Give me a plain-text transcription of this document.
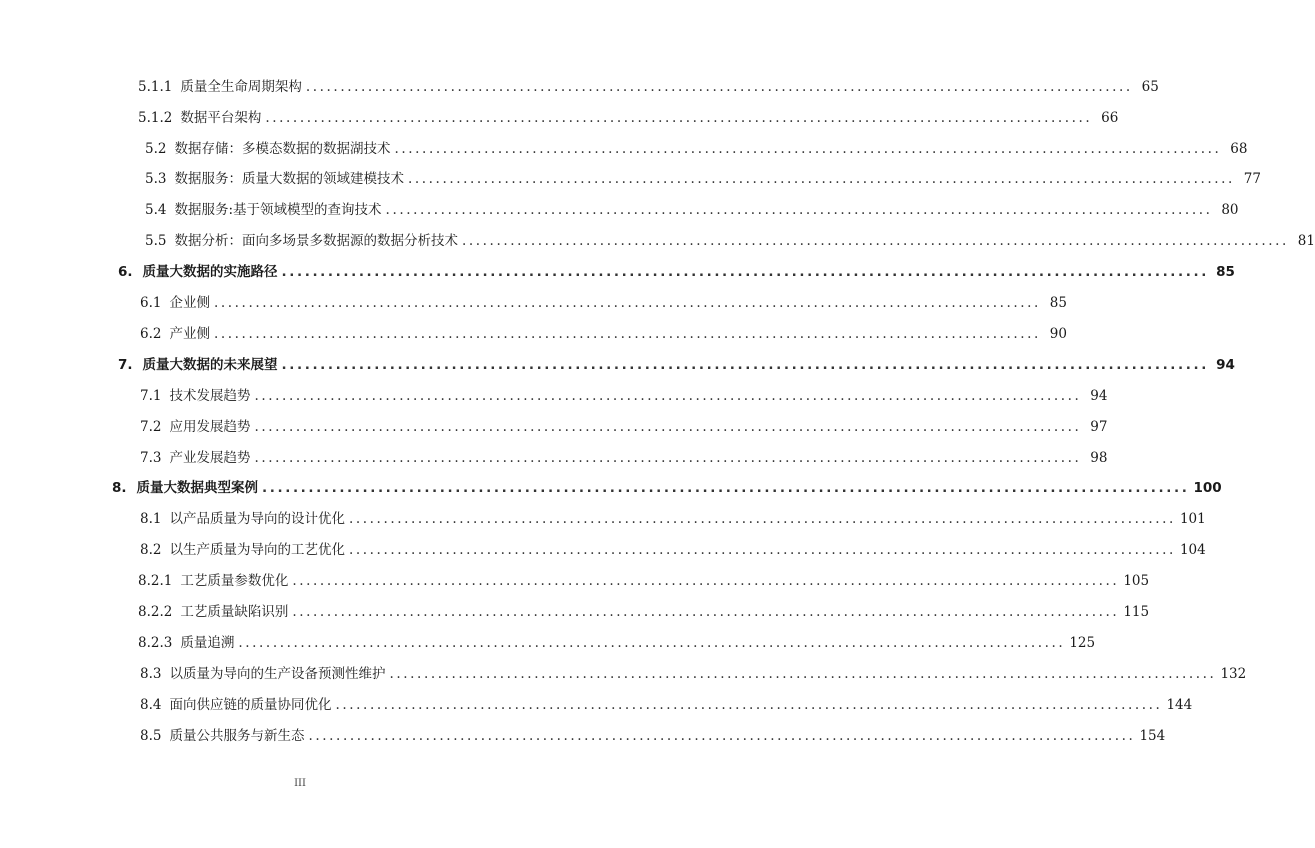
5.1.1 质量全生命周期架构 ........................................................................................................................ 65
5.1.2 数据平台架构 ........................................................................................................................ 66
5.2 数据存储：多模态数据的数据湖技术 ........................................................................................................................ 68
5.3 数据服务：质量大数据的领域建模技术 ........................................................................................................................ 77
5.4 数据服务:基于领域模型的查询技术 ........................................................................................................................ 80
5.5 数据分析：面向多场景多数据源的数据分析技术 ........................................................................................................................ 81
6. 质量大数据的实施路径 ........................................................................................................................ 85
6.1 企业侧 ........................................................................................................................ 85
6.2 产业侧 ........................................................................................................................ 90
7. 质量大数据的未来展望 ........................................................................................................................ 94
7.1 技术发展趋势 ........................................................................................................................ 94
7.2 应用发展趋势 ........................................................................................................................ 97
7.3 产业发展趋势 ........................................................................................................................ 98
8. 质量大数据典型案例 ........................................................................................................................ 100
8.1 以产品质量为导向的设计优化 ........................................................................................................................ 101
8.2 以生产质量为导向的工艺优化 ........................................................................................................................ 104
8.2.1 工艺质量参数优化 ........................................................................................................................ 105
8.2.2 工艺质量缺陷识别 ........................................................................................................................ 115
8.2.3 质量追溯 ........................................................................................................................ 125
8.3 以质量为导向的生产设备预测性维护 ........................................................................................................................ 132
8.4 面向供应链的质量协同优化 ........................................................................................................................ 144
8.5 质量公共服务与新生态 ........................................................................................................................ 154
III
